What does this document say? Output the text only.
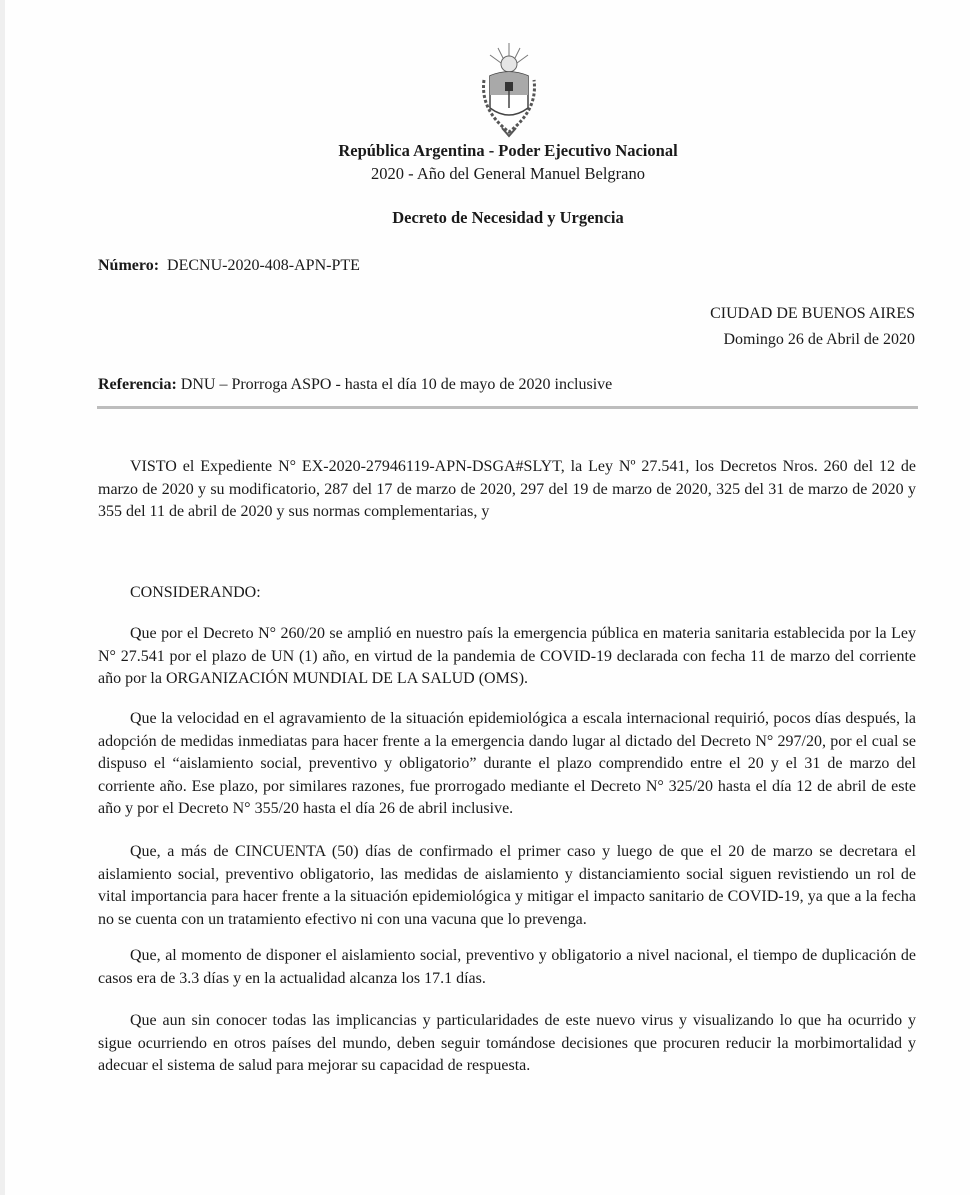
República Argentina - Poder Ejecutivo Nacional
2020 - Año del General Manuel Belgrano
Decreto de Necesidad y Urgencia
Número: DECNU-2020-408-APN-PTE
CIUDAD DE BUENOS AIRES
Domingo 26 de Abril de 2020
Referencia: DNU – Prorroga ASPO - hasta el día 10 de mayo de 2020 inclusive

VISTO el Expediente N° EX-2020-27946119-APN-DSGA#SLYT, la Ley Nº 27.541, los Decretos Nros. 260 del 12 de marzo de 2020 y su modificatorio, 287 del 17 de marzo de 2020, 297 del 19 de marzo de 2020, 325 del 31 de marzo de 2020 y 355 del 11 de abril de 2020 y sus normas complementarias, y

CONSIDERANDO:

Que por el Decreto N° 260/20 se amplió en nuestro país la emergencia pública en materia sanitaria establecida por la Ley N° 27.541 por el plazo de UN (1) año, en virtud de la pandemia de COVID-19 declarada con fecha 11 de marzo del corriente año por la ORGANIZACIÓN MUNDIAL DE LA SALUD (OMS).

Que la velocidad en el agravamiento de la situación epidemiológica a escala internacional requirió, pocos días después, la adopción de medidas inmediatas para hacer frente a la emergencia dando lugar al dictado del Decreto N° 297/20, por el cual se dispuso el “aislamiento social, preventivo y obligatorio” durante el plazo comprendido entre el 20 y el 31 de marzo del corriente año. Ese plazo, por similares razones, fue prorrogado mediante el Decreto N° 325/20 hasta el día 12 de abril de este año y por el Decreto N° 355/20 hasta el día 26 de abril inclusive.

Que, a más de CINCUENTA (50) días de confirmado el primer caso y luego de que el 20 de marzo se decretara el aislamiento social, preventivo obligatorio, las medidas de aislamiento y distanciamiento social siguen revistiendo un rol de vital importancia para hacer frente a la situación epidemiológica y mitigar el impacto sanitario de COVID-19, ya que a la fecha no se cuenta con un tratamiento efectivo ni con una vacuna que lo prevenga.

Que, al momento de disponer el aislamiento social, preventivo y obligatorio a nivel nacional, el tiempo de duplicación de casos era de 3.3 días y en la actualidad alcanza los 17.1 días.

Que aun sin conocer todas las implicancias y particularidades de este nuevo virus y visualizando lo que ha ocurrido y sigue ocurriendo en otros países del mundo, deben seguir tomándose decisiones que procuren reducir la morbimortalidad y adecuar el sistema de salud para mejorar su capacidad de respuesta.
